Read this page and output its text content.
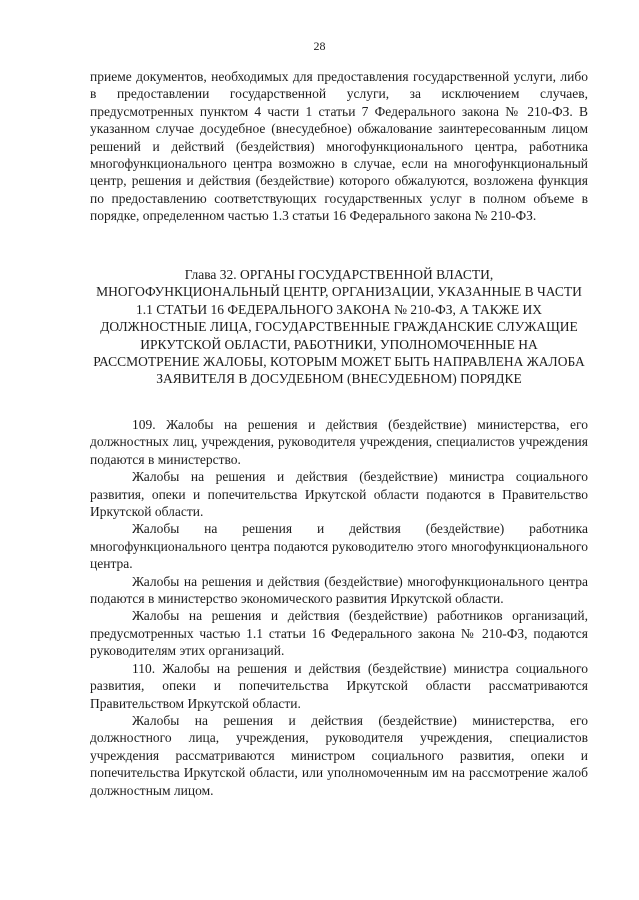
28

приеме документов, необходимых для предоставления государственной услуги, либо в предоставлении государственной услуги, за исключением случаев, предусмотренных пунктом 4 части 1 статьи 7 Федерального закона № 210-ФЗ. В указанном случае досудебное (внесудебное) обжалование заинтересованным лицом решений и действий (бездействия) многофункционального центра, работника многофункционального центра возможно в случае, если на многофункциональный центр, решения и действия (бездействие) которого обжалуются, возложена функция по предоставлению соответствующих государственных услуг в полном объеме в порядке, определенном частью 1.3 статьи 16 Федерального закона № 210-ФЗ.

Глава 32. ОРГАНЫ ГОСУДАРСТВЕННОЙ ВЛАСТИ, МНОГОФУНКЦИОНАЛЬНЫЙ ЦЕНТР, ОРГАНИЗАЦИИ, УКАЗАННЫЕ В ЧАСТИ 1.1 СТАТЬИ 16 ФЕДЕРАЛЬНОГО ЗАКОНА № 210-ФЗ, А ТАКЖЕ ИХ ДОЛЖНОСТНЫЕ ЛИЦА, ГОСУДАРСТВЕННЫЕ ГРАЖДАНСКИЕ СЛУЖАЩИЕ ИРКУТСКОЙ ОБЛАСТИ, РАБОТНИКИ, УПОЛНОМОЧЕННЫЕ НА РАССМОТРЕНИЕ ЖАЛОБЫ, КОТОРЫМ МОЖЕТ БЫТЬ НАПРАВЛЕНА ЖАЛОБА ЗАЯВИТЕЛЯ В ДОСУДЕБНОМ (ВНЕСУДЕБНОМ) ПОРЯДКЕ

109. Жалобы на решения и действия (бездействие) министерства, его должностных лиц, учреждения, руководителя учреждения, специалистов учреждения подаются в министерство.

Жалобы на решения и действия (бездействие) министра социального развития, опеки и попечительства Иркутской области подаются в Правительство Иркутской области.

Жалобы на решения и действия (бездействие) работника многофункционального центра подаются руководителю этого многофункционального центра.

Жалобы на решения и действия (бездействие) многофункционального центра подаются в министерство экономического развития Иркутской области.

Жалобы на решения и действия (бездействие) работников организаций, предусмотренных частью 1.1 статьи 16 Федерального закона № 210-ФЗ, подаются руководителям этих организаций.

110. Жалобы на решения и действия (бездействие) министра социального развития, опеки и попечительства Иркутской области рассматриваются Правительством Иркутской области.

Жалобы на решения и действия (бездействие) министерства, его должностного лица, учреждения, руководителя учреждения, специалистов учреждения рассматриваются министром социального развития, опеки и попечительства Иркутской области, или уполномоченным им на рассмотрение жалоб должностным лицом.
